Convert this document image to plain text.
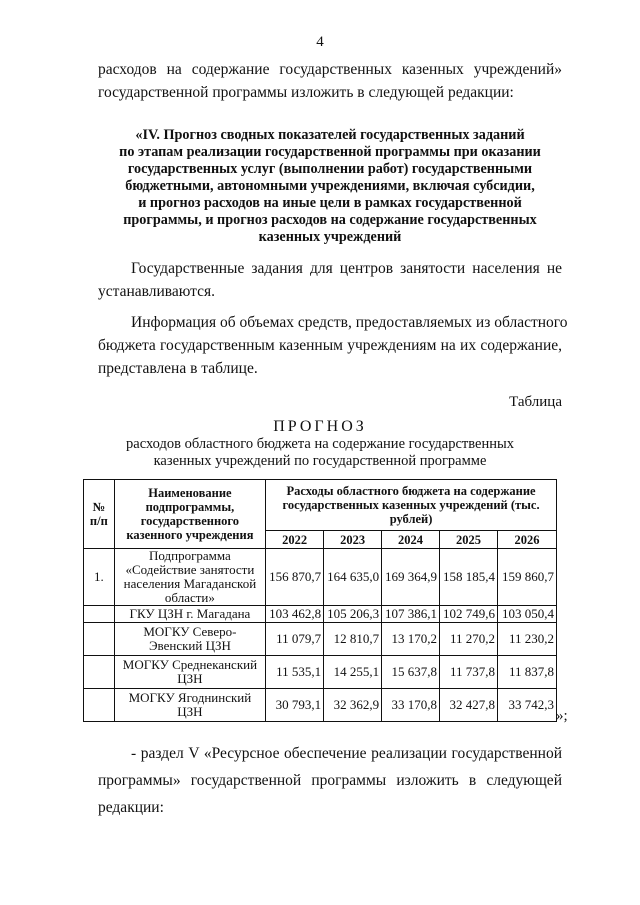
4
расходов на содержание государственных казенных учреждений»
государственной программы изложить в следующей редакции:
«IV. Прогноз сводных показателей государственных заданий
по этапам реализации государственной программы при оказании
государственных услуг (выполнении работ) государственными
бюджетными, автономными учреждениями, включая субсидии,
и прогноз расходов на иные цели в рамках государственной
программы, и прогноз расходов на содержание государственных
казенных учреждений
Государственные задания для центров занятости населения не
устанавливаются.
Информация об объемах средств, предоставляемых из областного
бюджета государственным казенным учреждениям на их содержание,
представлена в таблице.
Таблица
ПРОГНОЗ
расходов областного бюджета на содержание государственных
казенных учреждений по государственной программе
№ п/п	Наименование подпрограммы, государственного казенного учреждения	Расходы областного бюджета на содержание государственных казенных учреждений (тыс. рублей)				
		2022	2023	2024	2025	2026
1.	Подпрограмма «Содействие занятости населения Магаданской области»	156 870,7	164 635,0	169 364,9	158 185,4	159 860,7
	ГКУ ЦЗН г. Магадана	103 462,8	105 206,3	107 386,1	102 749,6	103 050,4
	МОГКУ Северо-Эвенский ЦЗН	11 079,7	12 810,7	13 170,2	11 270,2	11 230,2
	МОГКУ Среднеканский ЦЗН	11 535,1	14 255,1	15 637,8	11 737,8	11 837,8
	МОГКУ Ягоднинский ЦЗН	30 793,1	32 362,9	33 170,8	32 427,8	33 742,3
»;
- раздел V «Ресурсное обеспечение реализации государственной
программы» государственной программы изложить в следующей
редакции:
